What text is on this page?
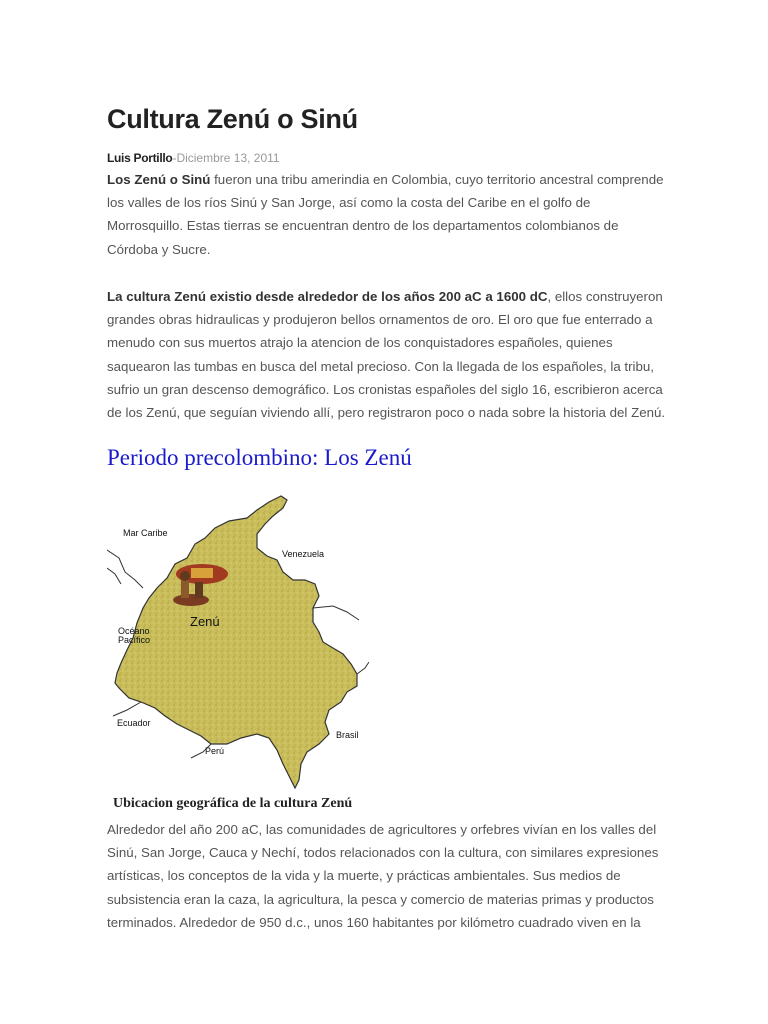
Cultura Zenú o Sinú
Luis Portillo-Diciembre 13, 2011

Los Zenú o Sinú fueron una tribu amerindia en Colombia, cuyo territorio ancestral comprende los valles de los ríos Sinú y San Jorge, así como la costa del Caribe en el golfo de Morrosquillo. Estas tierras se encuentran dentro de los departamentos colombianos de Córdoba y Sucre.

La cultura Zenú existio desde alrededor de los años 200 aC a 1600 dC, ellos construyeron grandes obras hidraulicas y produjeron bellos ornamentos de oro. El oro que fue enterrado a menudo con sus muertos atrajo la atencion de los conquistadores españoles, quienes saquearon las tumbas en busca del metal precioso. Con la llegada de los españoles, la tribu, sufrio un gran descenso demográfico. Los cronistas españoles del siglo 16, escribieron acerca de los Zenú, que seguían viviendo allí, pero registraron poco o nada sobre la historia del Zenú.

Periodo precolombino: Los Zenú
Mar Caribe
Venezuela
Océano
Pacífico
Zenú
Ecuador
Perú
Brasil

Ubicacion geográfica de la cultura Zenú

Alrededor del año 200 aC, las comunidades de agricultores y orfebres vivían en los valles del Sinú, San Jorge, Cauca y Nechí, todos relacionados con la cultura, con similares expresiones artísticas, los conceptos de la vida y la muerte, y prácticas ambientales. Sus medios de subsistencia eran la caza, la agricultura, la pesca y comercio de materias primas y productos terminados. Alrededor de 950 d.c., unos 160 habitantes por kilómetro cuadrado viven en la
